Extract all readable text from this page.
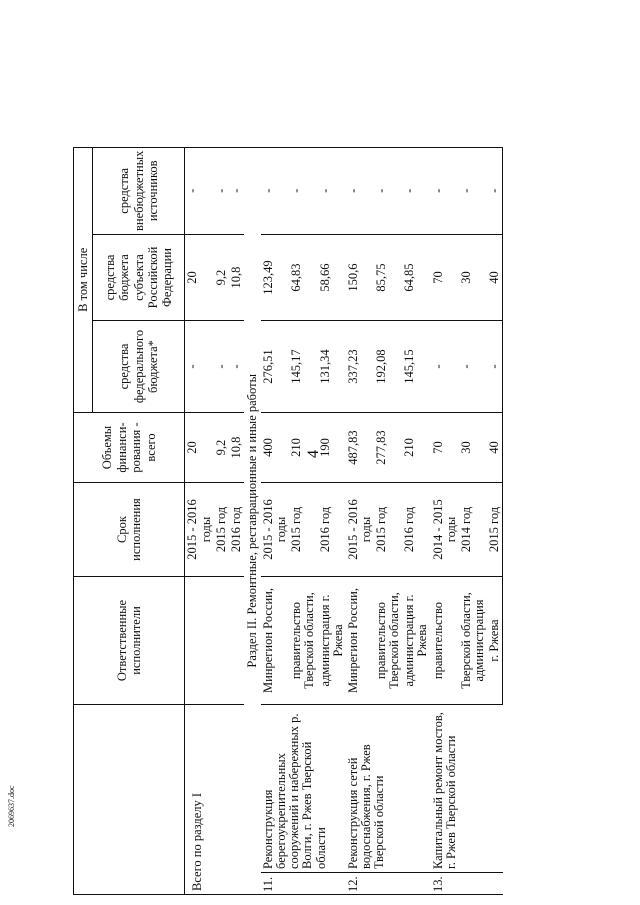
4
2069637.doc
		Ответственные исполнители	Срок исполнения	Объемы финанси-рования - всего	В том числе		
					средства федерального бюджета*	средства бюджета субъекта Российской Федерации	средства внебюджетных источников
Всего по разделу I			2015 - 2016 годы	20	-	20	-
			2015 год	9,2	-	9,2	-
			2016 год	10,8	-	10,8	-
Раздел II. Ремонтные, реставрационные и иные работы							
11.	Реконструкция берегоукрепительных сооружений и набережных р. Волги, г. Ржев Тверской области	Минрегион России,	2015 - 2016 годы	400	276,51	123,49	-
		правительство Тверской области,	2015 год	210	145,17	64,83	-
		администрация г. Ржева	2016 год	190	131,34	58,66	-
12.	Реконструкция сетей водоснабжения, г. Ржев Тверской области	Минрегион России,	2015 - 2016 годы	487,83	337,23	150,6	-
		правительство Тверской области,	2015 год	277,83	192,08	85,75	-
		администрация г. Ржева	2016 год	210	145,15	64,85	-
13.	Капитальный ремонт мостов, г. Ржев Тверской области	правительство	2014 - 2015 годы	70	-	70	-
		Тверской области, администрация	2014 год	30	-	30	-
		г. Ржева	2015 год	40	-	40	-
